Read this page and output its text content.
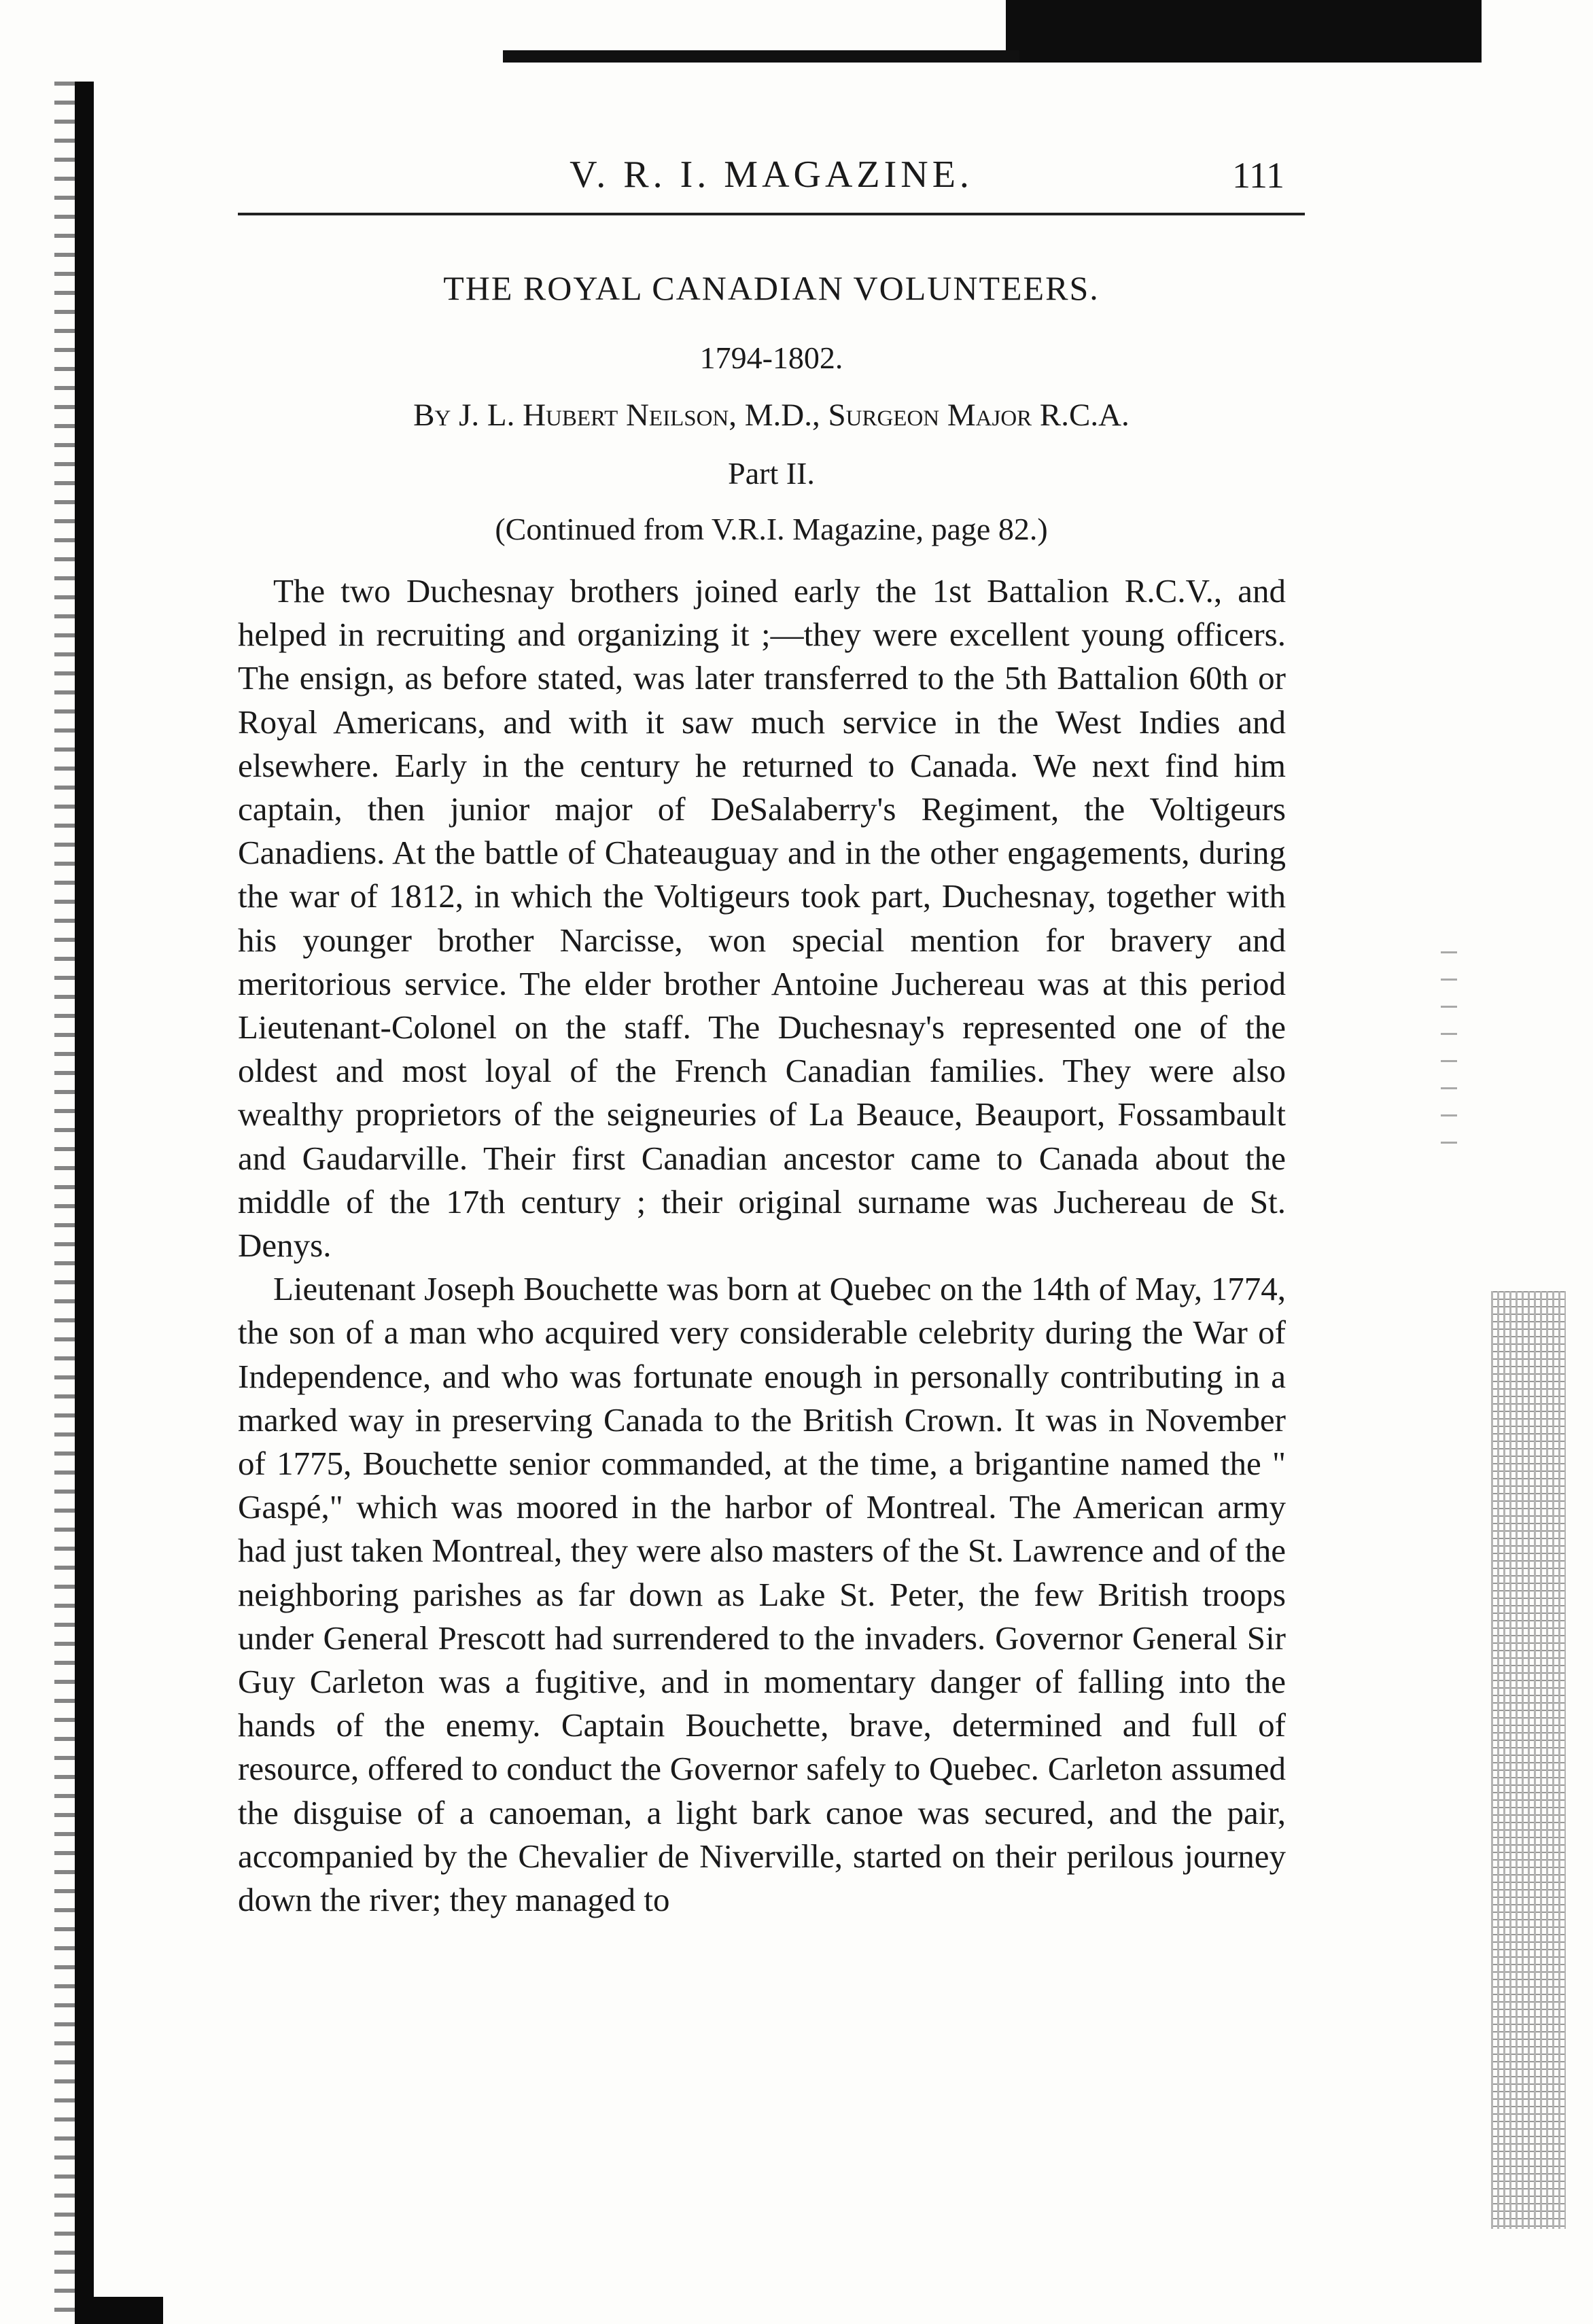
V. R. I. MAGAZINE.	111
THE ROYAL CANADIAN VOLUNTEERS.
1794-1802.
By J. L. Hubert Neilson, M.D., Surgeon Major R.C.A.
Part II.
(Continued from V.R.I. Magazine, page 82.)

The two Duchesnay brothers joined early the 1st Battalion R.C.V., and helped in recruiting and organizing it ;—they were excellent young officers. The ensign, as before stated, was later transferred to the 5th Battalion 60th or Royal Americans, and with it saw much service in the West Indies and elsewhere. Early in the century he returned to Canada. We next find him captain, then junior major of DeSalaberry's Regiment, the Voltigeurs Canadiens. At the battle of Chateauguay and in the other engagements, during the war of 1812, in which the Voltigeurs took part, Duchesnay, together with his younger brother Narcisse, won special mention for bravery and meritorious service. The elder brother Antoine Juchereau was at this period Lieutenant-Colonel on the staff. The Duchesnay's represented one of the oldest and most loyal of the French Canadian families. They were also wealthy proprietors of the seigneuries of La Beauce, Beauport, Fossambault and Gaudarville. Their first Canadian ancestor came to Canada about the middle of the 17th century ; their original surname was Juchereau de St. Denys.

Lieutenant Joseph Bouchette was born at Quebec on the 14th of May, 1774, the son of a man who acquired very considerable celebrity during the War of Independence, and who was fortunate enough in personally contributing in a marked way in preserving Canada to the British Crown. It was in November of 1775, Bouchette senior commanded, at the time, a brigantine named the " Gaspé," which was moored in the harbor of Montreal. The American army had just taken Montreal, they were also masters of the St. Lawrence and of the neighboring parishes as far down as Lake St. Peter, the few British troops under General Prescott had surrendered to the invaders. Governor General Sir Guy Carleton was a fugitive, and in momentary danger of falling into the hands of the enemy. Captain Bouchette, brave, determined and full of resource, offered to conduct the Governor safely to Quebec. Carleton assumed the disguise of a canoeman, a light bark canoe was secured, and the pair, accompanied by the Chevalier de Niverville, started on their perilous journey down the river; they managed to
